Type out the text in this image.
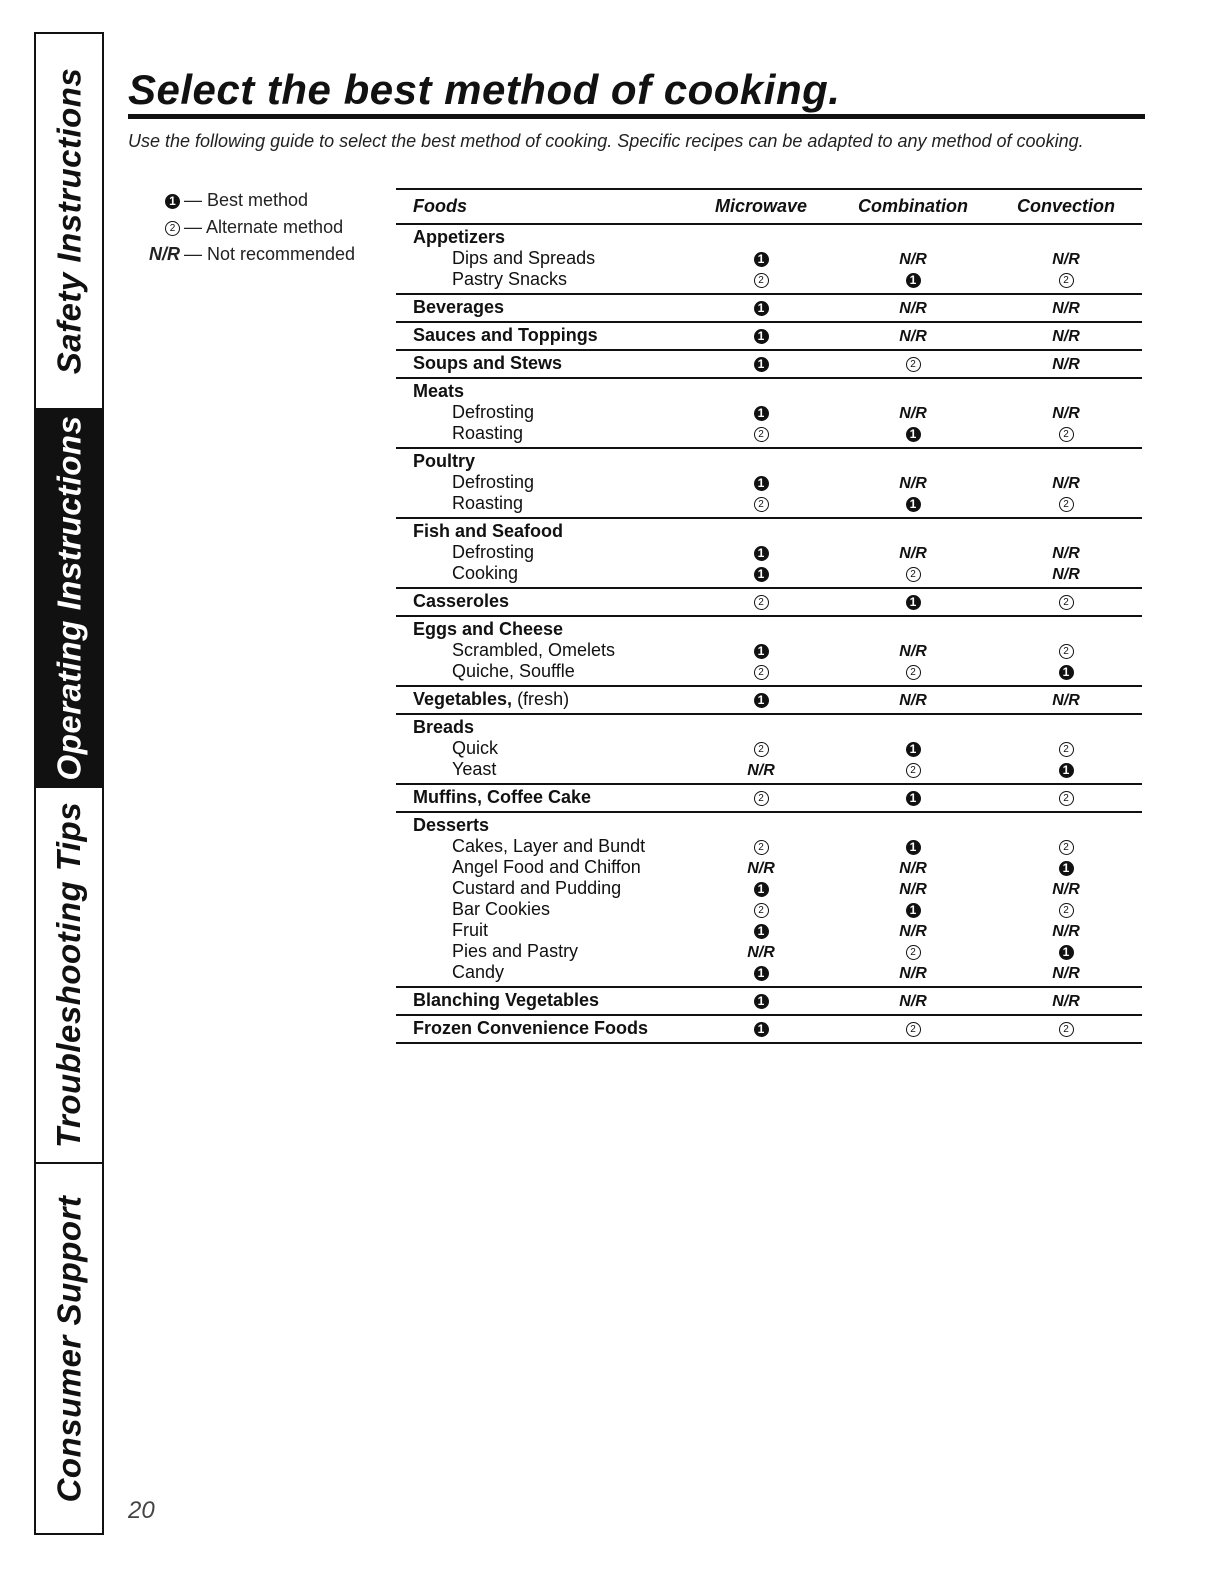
Safety Instructions
Operating Instructions
Troubleshooting Tips
Consumer Support
Select the best method of cooking.

Use the following guide to select the best method of cooking. Specific recipes can be adapted to any method of cooking.

1 — Best method
2 — Alternate method
N/R — Not recommended
Foods	Microwave	Combination	Convection
Appetizers
Dips and Spreads	1	N/R	N/R
Pastry Snacks	2	1	2
Beverages	1	N/R	N/R
Sauces and Toppings	1	N/R	N/R
Soups and Stews	1	2	N/R
Meats
Defrosting	1	N/R	N/R
Roasting	2	1	2
Poultry
Defrosting	1	N/R	N/R
Roasting	2	1	2
Fish and Seafood
Defrosting	1	N/R	N/R
Cooking	1	2	N/R
Casseroles	2	1	2
Eggs and Cheese
Scrambled, Omelets	1	N/R	2
Quiche, Souffle	2	2	1
Vegetables, (fresh)	1	N/R	N/R
Breads
Quick	2	1	2
Yeast	N/R	2	1
Muffins, Coffee Cake	2	1	2
Desserts
Cakes, Layer and Bundt	2	1	2
Angel Food and Chiffon	N/R	N/R	1
Custard and Pudding	1	N/R	N/R
Bar Cookies	2	1	2
Fruit	1	N/R	N/R
Pies and Pastry	N/R	2	1
Candy	1	N/R	N/R
Blanching Vegetables	1	N/R	N/R
Frozen Convenience Foods	1	2	2
20
